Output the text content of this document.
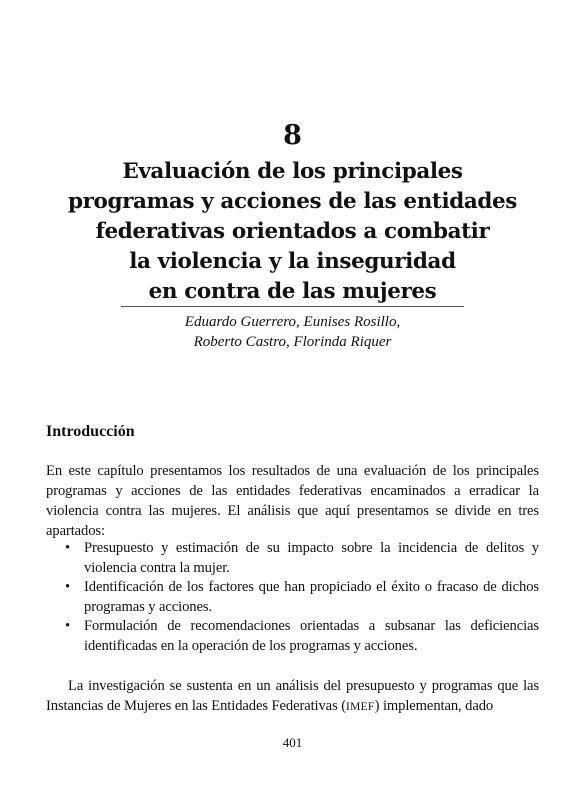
8
Evaluación de los principales
programas y acciones de las entidades
federativas orientados a combatir
la violencia y la inseguridad
en contra de las mujeres
Eduardo Guerrero, Eunises Rosillo,
Roberto Castro, Florinda Riquer
Introducción

En este capítulo presentamos los resultados de una evaluación de los principales programas y acciones de las entidades federativas encaminados a erradicar la violencia contra las mujeres. El análisis que aquí presentamos se divide en tres apartados:

• Presupuesto y estimación de su impacto sobre la incidencia de delitos y violencia contra la mujer.
• Identificación de los factores que han propiciado el éxito o fracaso de dichos programas y acciones.
• Formulación de recomendaciones orientadas a subsanar las deficiencias identificadas en la operación de los programas y acciones.

La investigación se sustenta en un análisis del presupuesto y programas que las Instancias de Mujeres en las Entidades Federativas (IMEF) implementan, dado

401
